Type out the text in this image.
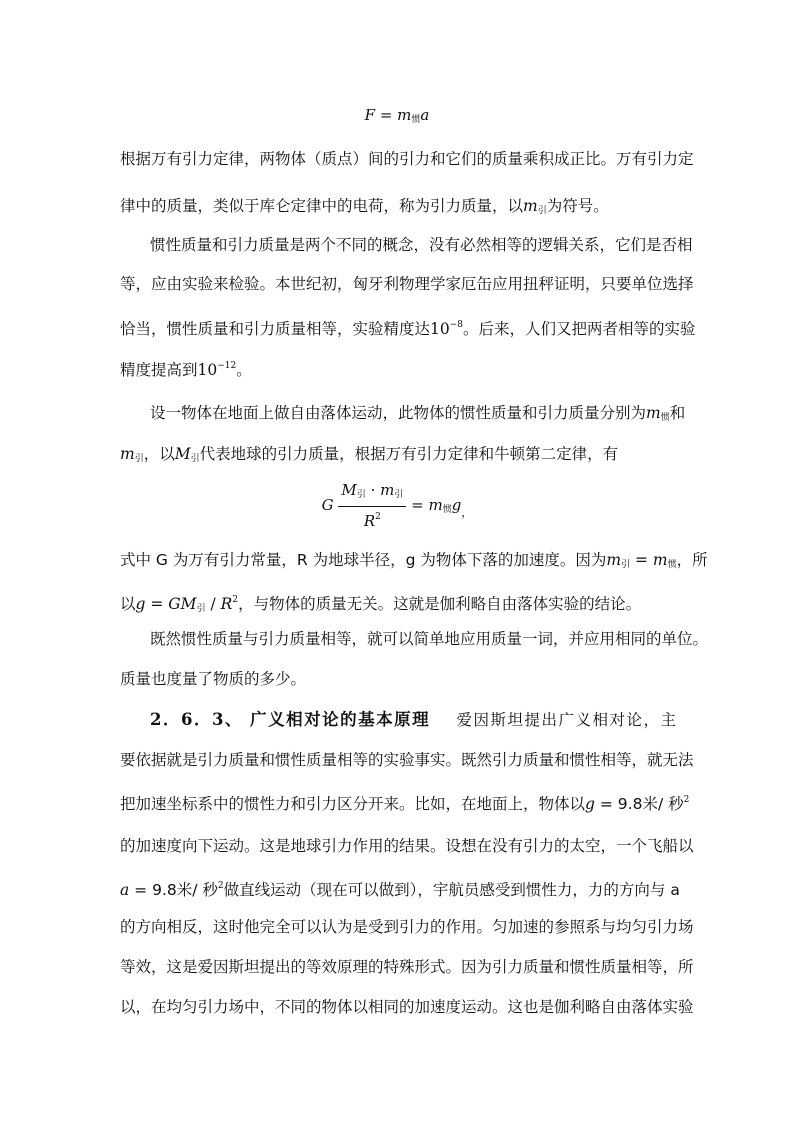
$F = m_惯a$
根据万有引力定律，两物体（质点）间的引力和它们的质量乘积成正比。万有引力定
律中的质量，类似于库仑定律中的电荷，称为引力质量，以$m_引$为符号。
惯性质量和引力质量是两个不同的概念，没有必然相等的逻辑关系，它们是否相
等，应由实验来检验。本世纪初，匈牙利物理学家厄缶应用扭秤证明，只要单位选择
恰当，惯性质量和引力质量相等，实验精度达$10^{-8}$。后来，人们又把两者相等的实验
精度提高到$10^{-12}$。
设一物体在地面上做自由落体运动，此物体的惯性质量和引力质量分别为$m_惯$和
$m_引$，以$M_引$代表地球的引力质量，根据万有引力定律和牛顿第二定律，有
G $\frac{M_引 \cdot m_引}{R^2} = m_惯g_,$
式中 G 为万有引力常量，R 为地球半径，g 为物体下落的加速度。因为$m_引 = m_惯$，所
以$g = GM_引 / R^2$，与物体的质量无关。这就是伽利略自由落体实验的结论。
既然惯性质量与引力质量相等，就可以简单地应用质量一词，并应用相同的单位。
质量也度量了物质的多少。
2．6．3、 广义相对论的基本原理 爱因斯坦提出广义相对论，主
要依据就是引力质量和惯性质量相等的实验事实。既然引力质量和惯性相等，就无法
把加速坐标系中的惯性力和引力区分开来。比如，在地面上，物体以g = 9.8米/ 秒$^2$
的加速度向下运动。这是地球引力作用的结果。设想在没有引力的太空，一个飞船以
a = 9.8米/ 秒$^2$做直线运动（现在可以做到），宇航员感受到惯性力，力的方向与 a
的方向相反，这时他完全可以认为是受到引力的作用。匀加速的参照系与均匀引力场
等效，这是爱因斯坦提出的等效原理的特殊形式。因为引力质量和惯性质量相等，所
以，在均匀引力场中，不同的物体以相同的加速度运动。这也是伽利略自由落体实验
